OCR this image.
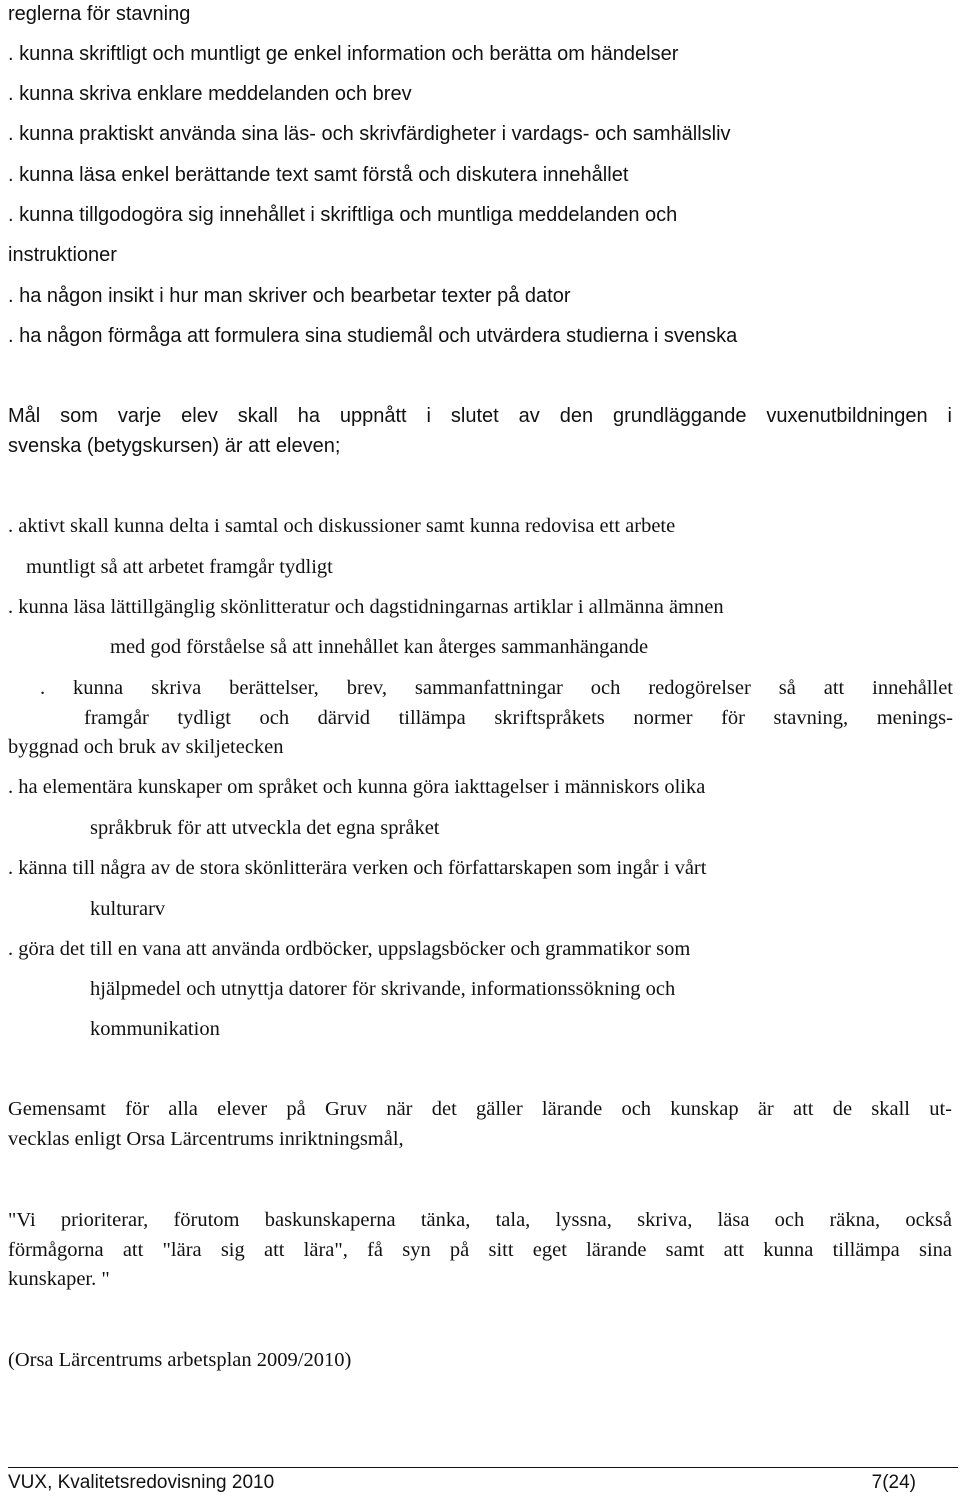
reglerna för stavning
. kunna skriftligt och muntligt ge enkel information och berätta om händelser
. kunna skriva enklare meddelanden och brev
. kunna praktiskt använda sina läs- och skrivfärdigheter i vardags- och samhällsliv
. kunna läsa enkel berättande text samt förstå och diskutera innehållet
. kunna tillgodogöra sig innehållet i skriftliga och muntliga meddelanden och
instruktioner
. ha någon insikt i hur man skriver och bearbetar texter på dator
. ha någon förmåga att formulera sina studiemål och utvärdera studierna i svenska
Mål som varje elev skall ha uppnått i slutet av den grundläggande vuxenutbildningen i
svenska (betygskursen) är att eleven;
. aktivt skall kunna delta i samtal och diskussioner samt kunna redovisa ett arbete
muntligt så att arbetet framgår tydligt
. kunna läsa lättillgänglig skönlitteratur och dagstidningarnas artiklar i allmänna ämnen
med god förståelse så att innehållet kan återges sammanhängande
. kunna skriva berättelser, brev, sammanfattningar och redogörelser så att innehållet
framgår tydligt och därvid tillämpa skriftspråkets normer för stavning, menings-
byggnad och bruk av skiljetecken
. ha elementära kunskaper om språket och kunna göra iakttagelser i människors olika
språkbruk för att utveckla det egna språket
. känna till några av de stora skönlitterära verken och författarskapen som ingår i vårt
kulturarv
. göra det till en vana att använda ordböcker, uppslagsböcker och grammatikor som
hjälpmedel och utnyttja datorer för skrivande, informationssökning och
kommunikation
Gemensamt för alla elever på Gruv när det gäller lärande och kunskap är att de skall ut-
vecklas enligt Orsa Lärcentrums inriktningsmål,
"Vi prioriterar, förutom baskunskaperna tänka, tala, lyssna, skriva, läsa och räkna, också
förmågorna att "lära sig att lära", få syn på sitt eget lärande samt att kunna tillämpa sina
kunskaper. "
(Orsa Lärcentrums arbetsplan 2009/2010)
VUX, Kvalitetsredovisning 2010	7(24)
